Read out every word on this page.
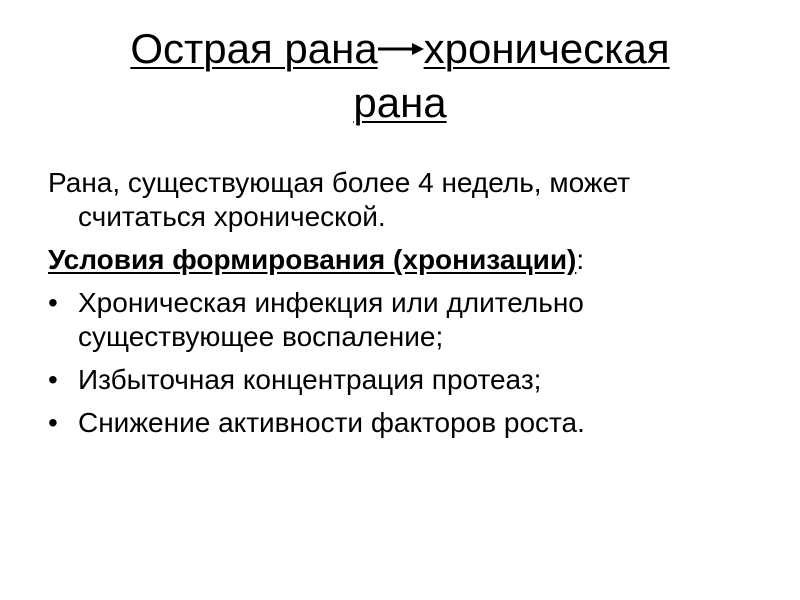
Острая рана хроническая
рана

Рана, существующая более 4 недель, может считаться хронической.

Условия формирования (хронизации):

• Хроническая инфекция или длительно существующее воспаление;
• Избыточная концентрация протеаз;
• Снижение активности факторов роста.
